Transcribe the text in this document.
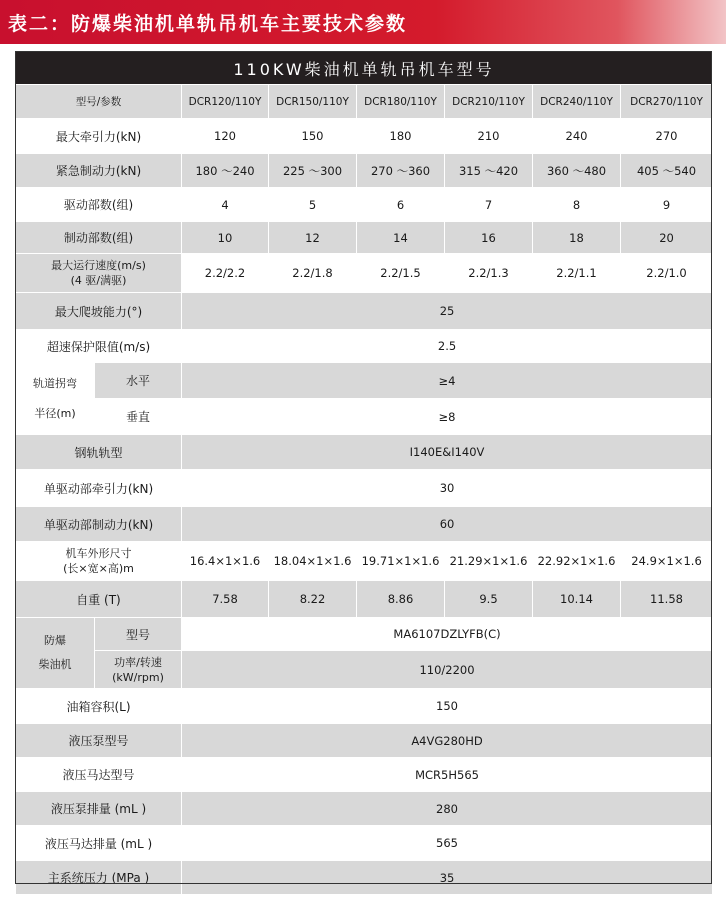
表二：防爆柴油机单轨吊机车主要技术参数
110KW柴油机单轨吊机车型号							
型号/参数		DCR120/110Y	DCR150/110Y	DCR180/110Y	DCR210/110Y	DCR240/110Y	DCR270/110Y
最大牵引力(kN)		120	150	180	210	240	270
紧急制动力(kN)		180 ～240	225 ～300	270 ～360	315 ～420	360 ～480	405 ～540
驱动部数(组)		4	5	6	7	8	9
制动部数(组)		10	12	14	16	18	20

最大运行速度(m/s)
(4 驱/满驱)		2.2/2.2	2.2/1.8	2.2/1.5	2.2/1.3	2.2/1.1	2.2/1.0
最大爬坡能力(°)		25					
超速保护限值(m/s)		2.5					

轨道拐弯
半径(m)	水平	≥4					
	垂直	≥8					
钢轨轨型		I140E&I140V					
单驱动部牵引力(kN)		30					
单驱动部制动力(kN)		60					

机车外形尺寸
(长×宽×高)m		16.4×1×1.6	18.04×1×1.6	19.71×1×1.6	21.29×1×1.6	22.92×1×1.6	24.9×1×1.6
自重 (T)		7.58	8.22	8.86	9.5	10.14	11.58

防爆
柴油机	型号	MA6107DZLYFB(C)					

	功率/转速
(kW/rpm)	110/2200					
油箱容积(L)		150					
液压泵型号		A4VG280HD					
液压马达型号		MCR5H565					
液压泵排量 (mL )		280					
液压马达排量 (mL )		565					
主系统压力 (MPa )		35					
